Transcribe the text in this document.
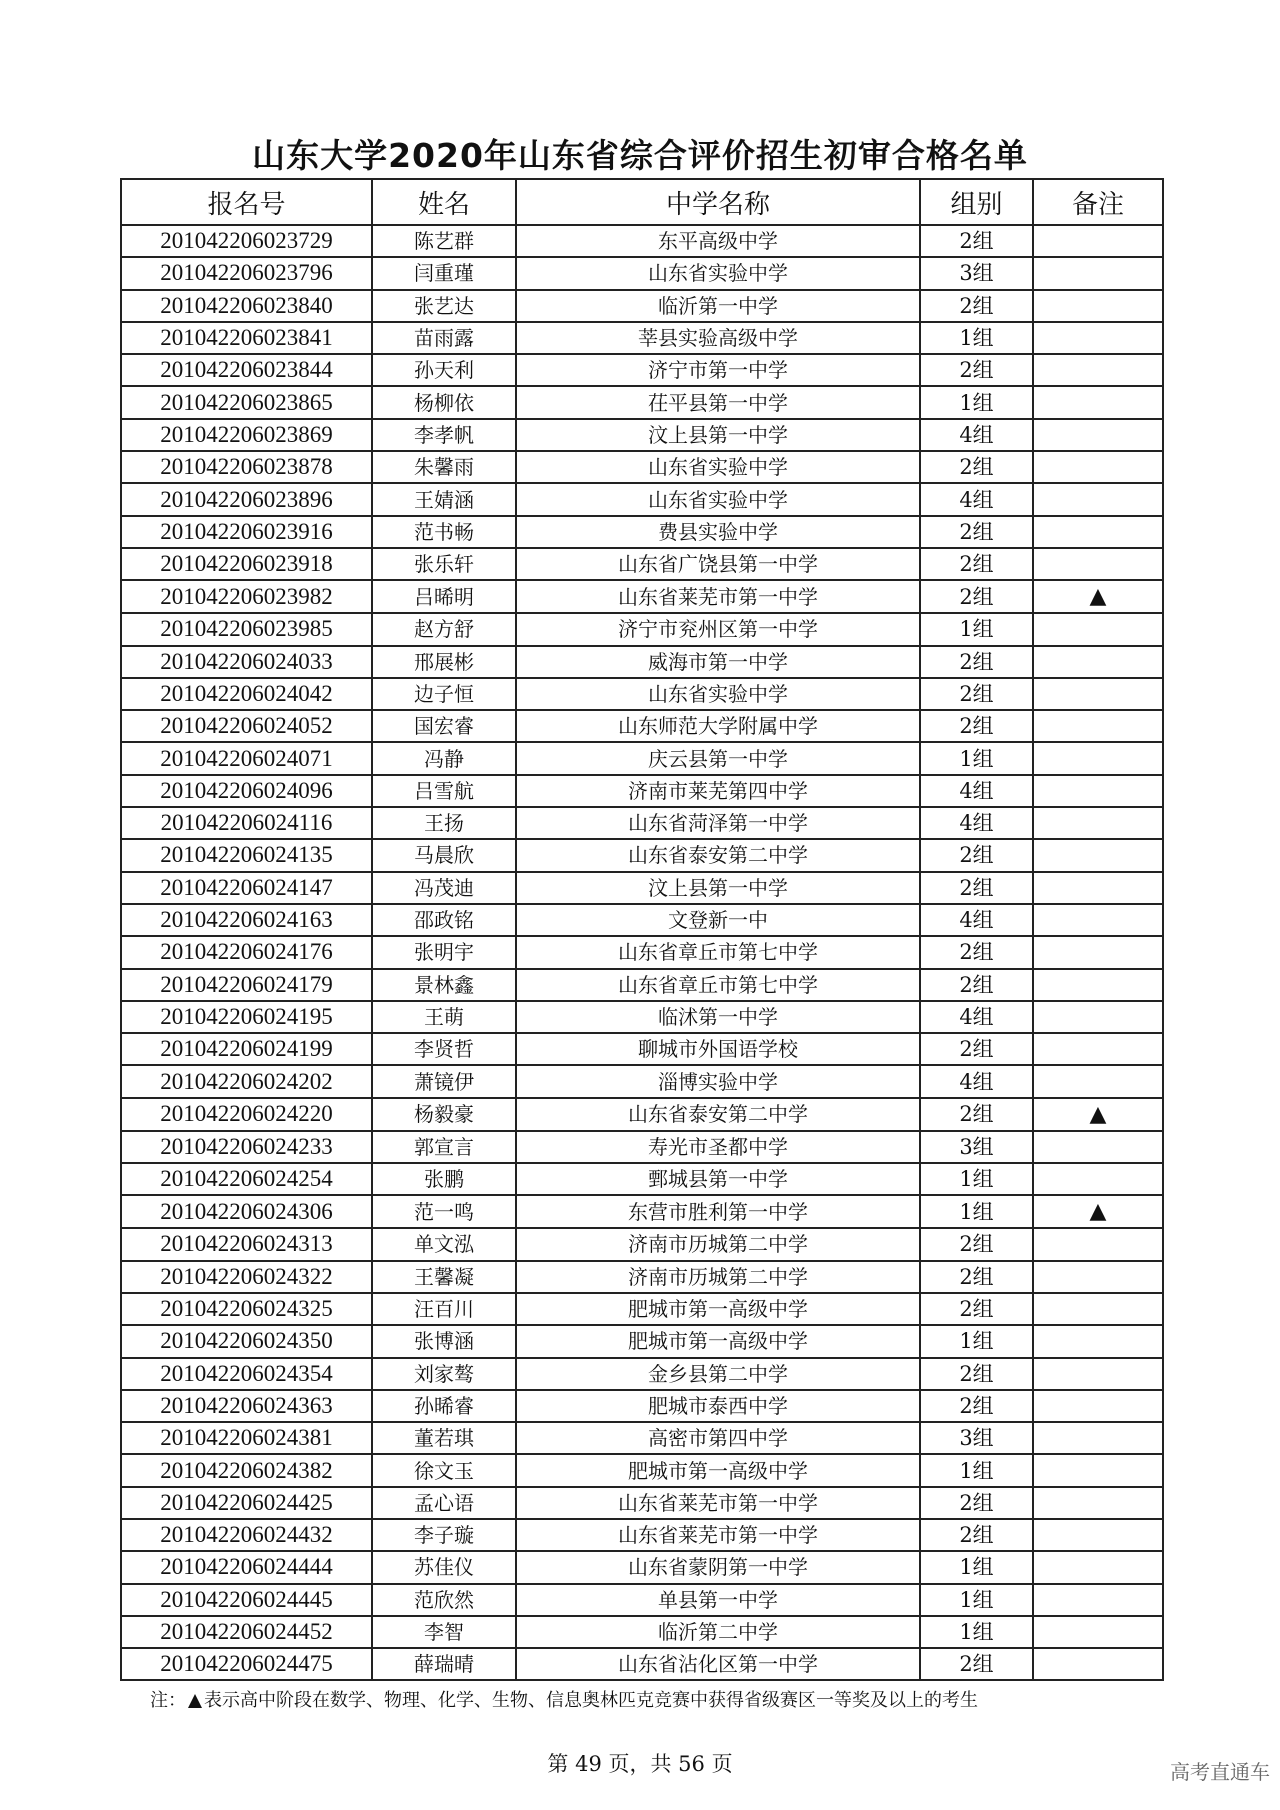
山东大学2020年山东省综合评价招生初审合格名单
报名号	姓名	中学名称	组别	备注
201042206023729	陈艺群	东平高级中学	2组	
201042206023796	闫重瑾	山东省实验中学	3组	
201042206023840	张艺达	临沂第一中学	2组	
201042206023841	苗雨露	莘县实验高级中学	1组	
201042206023844	孙天利	济宁市第一中学	2组	
201042206023865	杨柳依	茌平县第一中学	1组	
201042206023869	李孝帆	汶上县第一中学	4组	
201042206023878	朱馨雨	山东省实验中学	2组	
201042206023896	王婧涵	山东省实验中学	4组	
201042206023916	范书畅	费县实验中学	2组	
201042206023918	张乐轩	山东省广饶县第一中学	2组	
201042206023982	吕晞明	山东省莱芜市第一中学	2组	▲
201042206023985	赵方舒	济宁市兖州区第一中学	1组	
201042206024033	邢展彬	威海市第一中学	2组	
201042206024042	边子恒	山东省实验中学	2组	
201042206024052	国宏睿	山东师范大学附属中学	2组	
201042206024071	冯静	庆云县第一中学	1组	
201042206024096	吕雪航	济南市莱芜第四中学	4组	
201042206024116	王扬	山东省菏泽第一中学	4组	
201042206024135	马晨欣	山东省泰安第二中学	2组	
201042206024147	冯茂迪	汶上县第一中学	2组	
201042206024163	邵政铭	文登新一中	4组	
201042206024176	张明宇	山东省章丘市第七中学	2组	
201042206024179	景林鑫	山东省章丘市第七中学	2组	
201042206024195	王萌	临沭第一中学	4组	
201042206024199	李贤哲	聊城市外国语学校	2组	
201042206024202	萧镜伊	淄博实验中学	4组	
201042206024220	杨毅豪	山东省泰安第二中学	2组	▲
201042206024233	郭宣言	寿光市圣都中学	3组	
201042206024254	张鹏	鄄城县第一中学	1组	
201042206024306	范一鸣	东营市胜利第一中学	1组	▲
201042206024313	单文泓	济南市历城第二中学	2组	
201042206024322	王馨凝	济南市历城第二中学	2组	
201042206024325	汪百川	肥城市第一高级中学	2组	
201042206024350	张博涵	肥城市第一高级中学	1组	
201042206024354	刘家骜	金乡县第二中学	2组	
201042206024363	孙晞睿	肥城市泰西中学	2组	
201042206024381	董若琪	高密市第四中学	3组	
201042206024382	徐文玉	肥城市第一高级中学	1组	
201042206024425	孟心语	山东省莱芜市第一中学	2组	
201042206024432	李子璇	山东省莱芜市第一中学	2组	
201042206024444	苏佳仪	山东省蒙阴第一中学	1组	
201042206024445	范欣然	单县第一中学	1组	
201042206024452	李智	临沂第二中学	1组	
201042206024475	薛瑞晴	山东省沾化区第一中学	2组	
注： 表示高中阶段在数学、物理、化学、生物、信息奥林匹克竞赛中获得省级赛区一等奖及以上的考生
第 49 页，共 56 页	高考直通车
